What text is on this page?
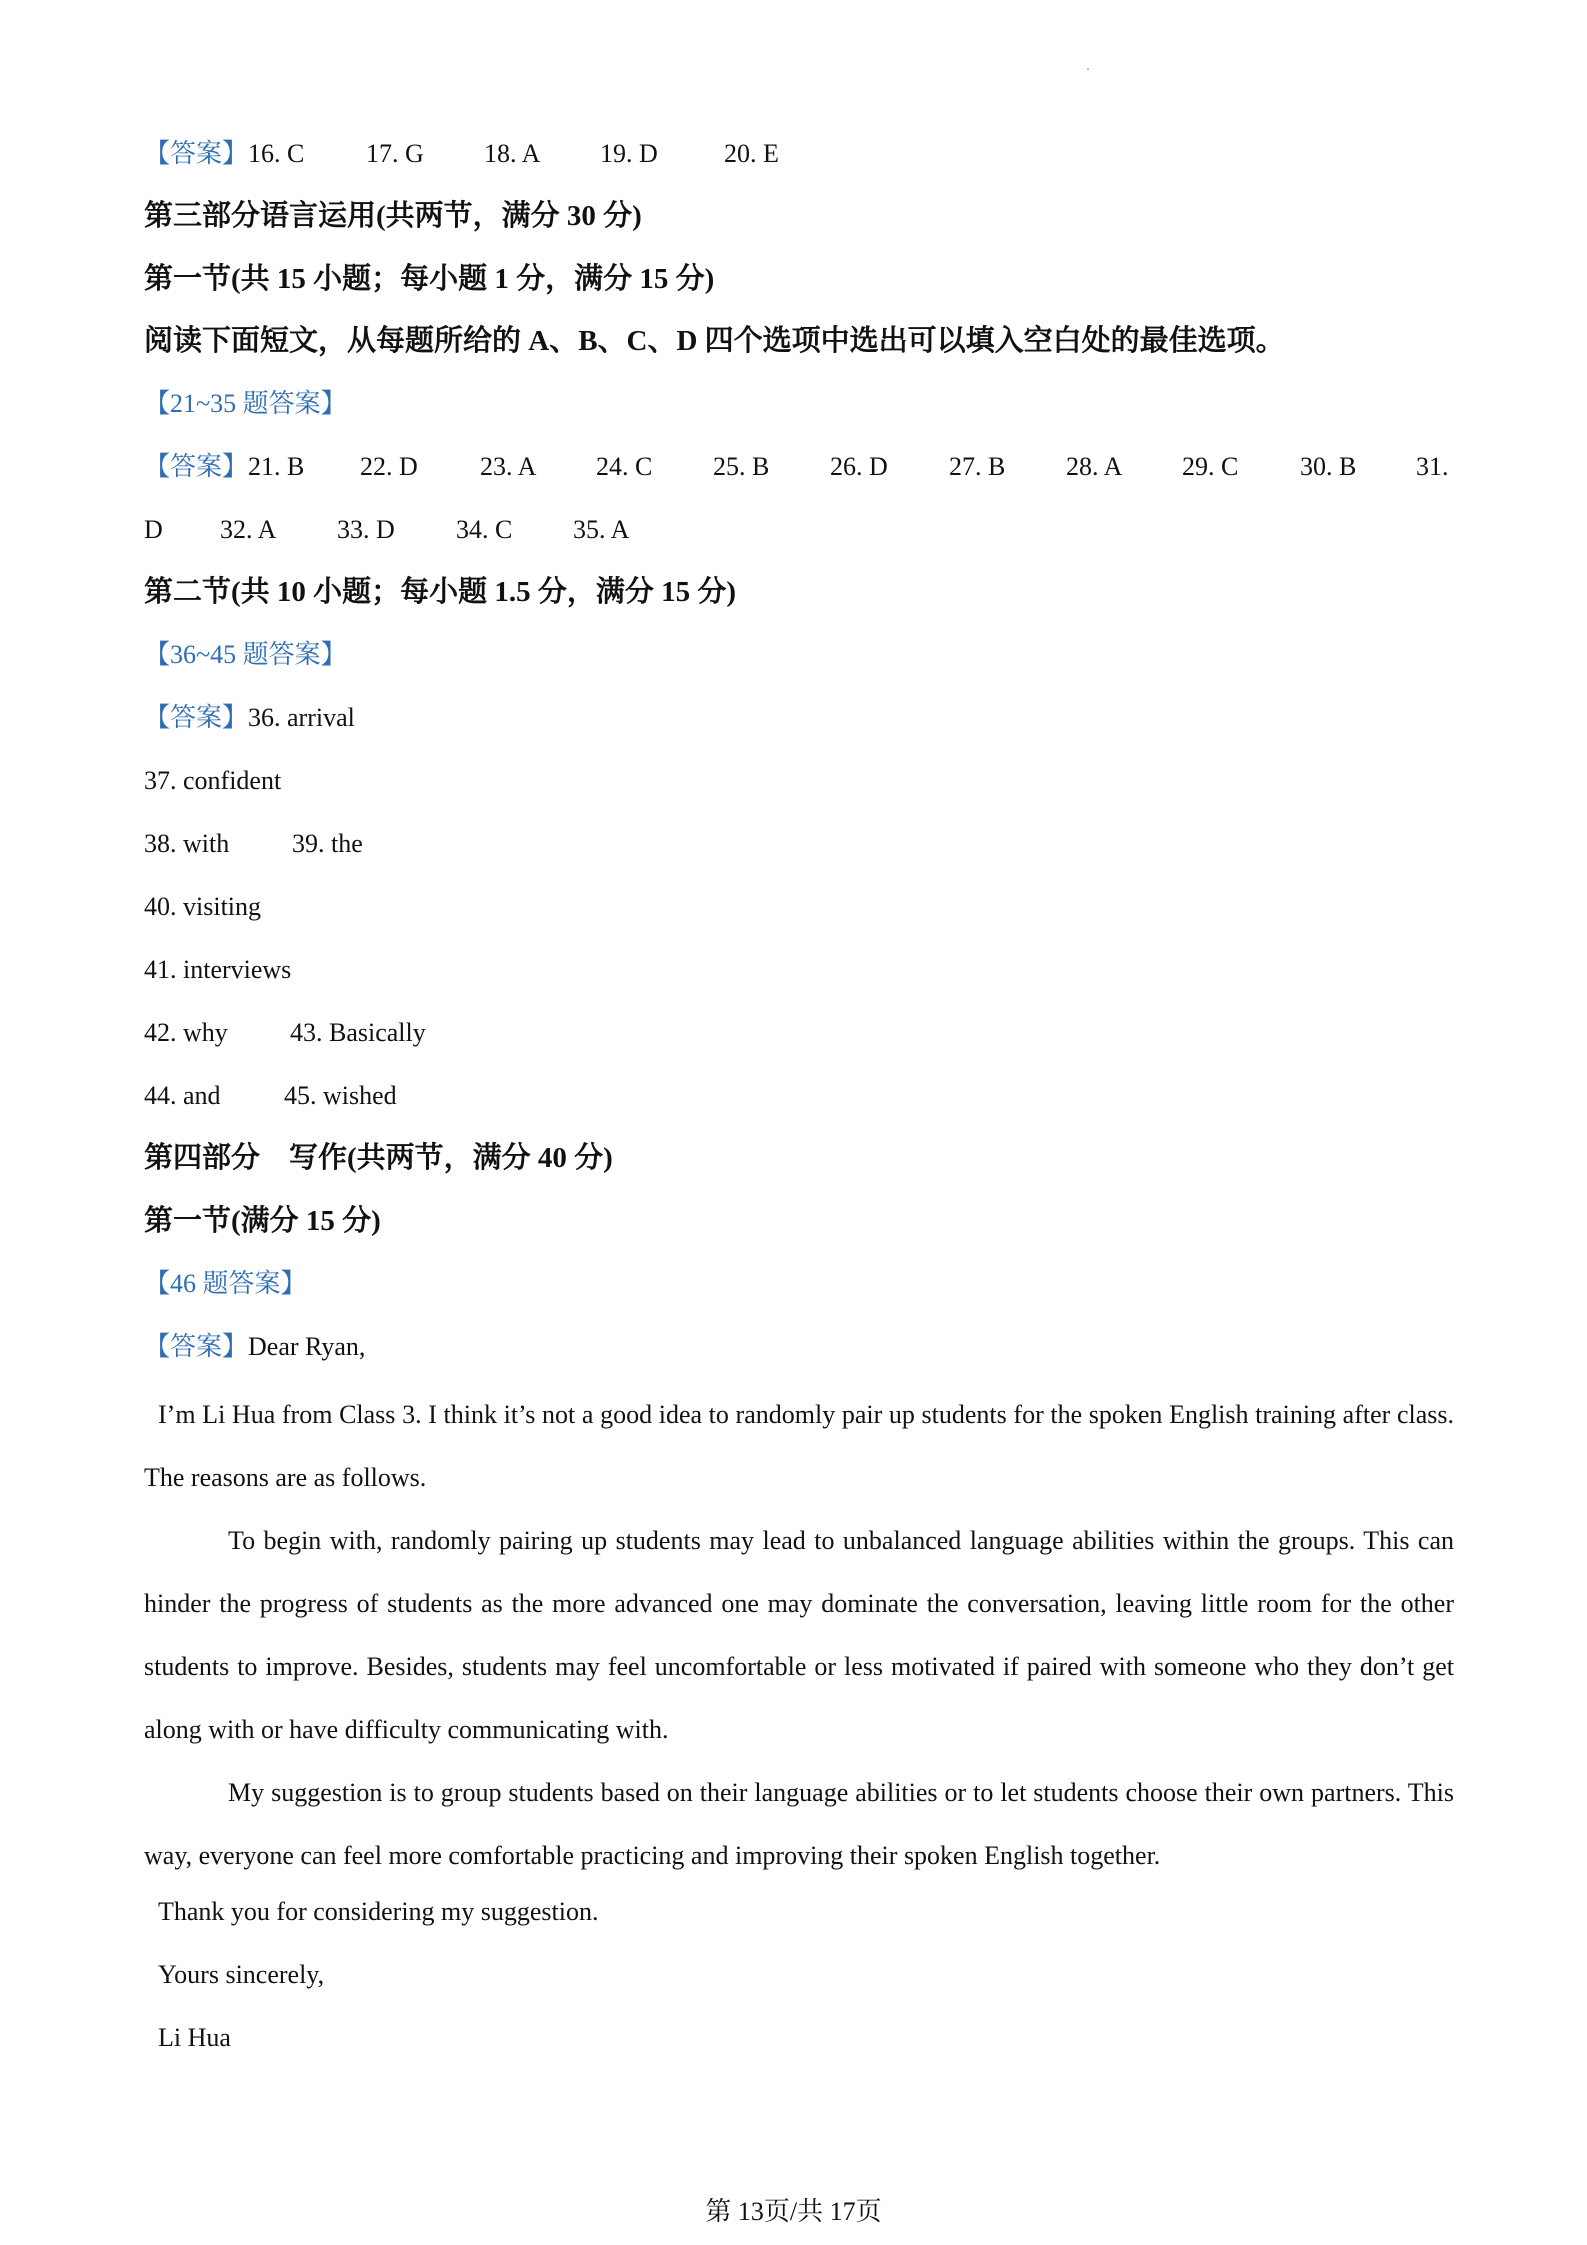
【答案】16. C 17. G 18. A 19. D	20. E
第三部分语言运用(共两节，满分 30 分)
第一节(共 15 小题；每小题 1 分，满分 15 分)
阅读下面短文，从每题所给的 A、B、C、D 四个选项中选出可以填入空白处的最佳选项。
【21~35 题答案】
【答案】21. B 22. D 23. A 24. C 25. B 26. D 27. B 28. A 29. C 30. B 31.
D 32. A 33. D 34. C 35. A
第二节(共 10 小题；每小题 1.5 分，满分 15 分)
【36~45 题答案】
【答案】36. arrival
37. confident
38. with 39. the
40. visiting
41. interviews
42. why 43. Basically
44. and 45. wished
第四部分    写作(共两节，满分 40 分)
第一节(满分 15 分)
【46 题答案】
【答案】Dear Ryan,
I’m Li Hua from Class 3. I think it’s not a good idea to randomly pair up students for the spoken English training after class. The reasons are as follows.
To begin with, randomly pairing up students may lead to unbalanced language abilities within the groups. This can hinder the progress of students as the more advanced one may dominate the conversation, leaving little room for the other students to improve. Besides, students may feel uncomfortable or less motivated if paired with someone who they don’t get along with or have difficulty communicating with.
My suggestion is to group students based on their language abilities or to let students choose their own partners. This way, everyone can feel more comfortable practicing and improving their spoken English together.
Thank you for considering my suggestion.
Yours sincerely,
Li Hua
第 13页/共 17页
